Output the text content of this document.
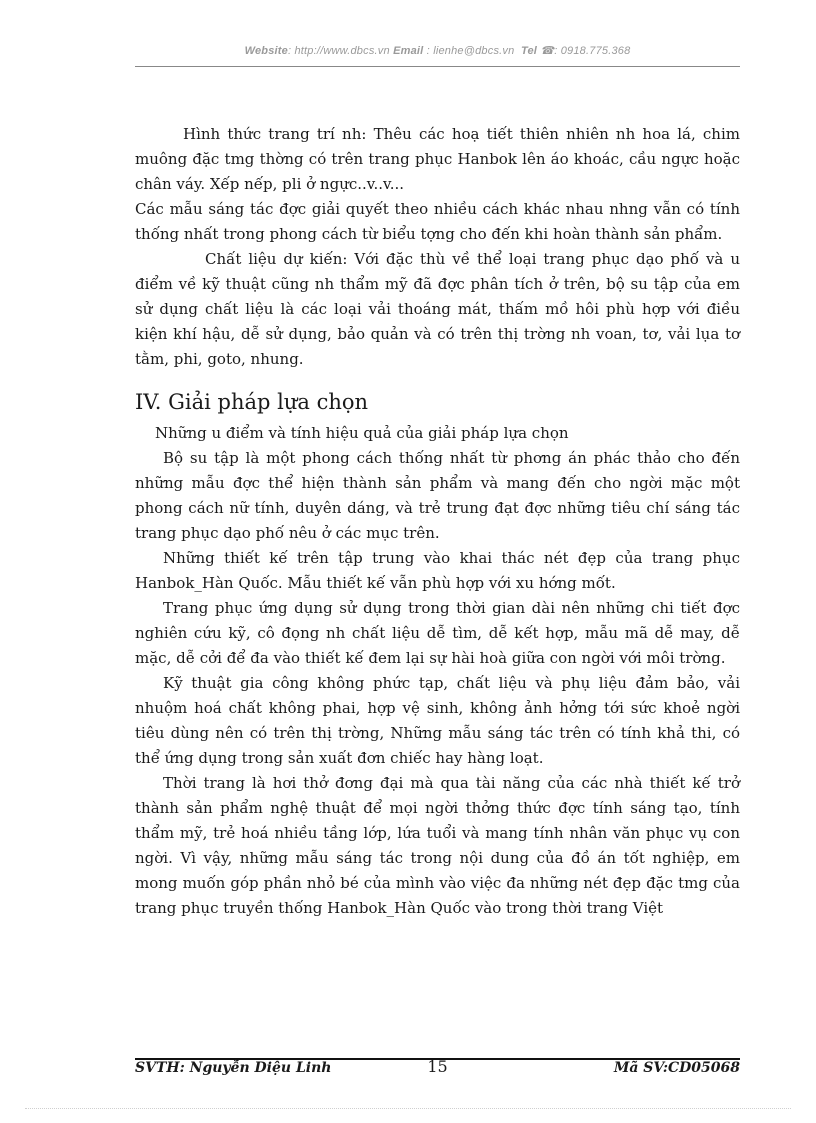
Website: http://www.dbcs.vn Email : lienhe@dbcs.vn Tel ☎: 0918.775.368

Hình thức trang trí nh: Thêu các hoạ tiết thiên nhiên nh hoa lá, chim muông đặc tmg thờng có trên trang phục Hanbok lên áo khoác, cầu ngực hoặc chân váy. Xếp nếp, pli ở ngực..v..v...

Các mẫu sáng tác đợc giải quyết theo nhiều cách khác nhau nhng vẫn có tính thống nhất trong phong cách từ biểu tợng cho đến khi hoàn thành sản phẩm.

Chất liệu dự kiến: Với đặc thù về thể loại trang phục dạo phố và u điểm về kỹ thuật cũng nh thẩm mỹ đã đợc phân tích ở trên, bộ su tập của em sử dụng chất liệu là các loại vải thoáng mát, thấm mồ hôi phù hợp với điều kiện khí hậu, dễ sử dụng, bảo quản và có trên thị trờng nh voan, tơ, vải lụa tơ tằm, phi, goto, nhung.

IV. Giải pháp lựa chọn

Những u điểm và tính hiệu quả của giải pháp lựa chọn

Bộ su tập là một phong cách thống nhất từ phơng án phác thảo cho đến những mẫu đợc thể hiện thành sản phẩm và mang đến cho ngời mặc một phong cách nữ tính, duyên dáng, và trẻ trung đạt đợc những tiêu chí sáng tác trang phục dạo phố nêu ở các mục trên.

Những thiết kế trên tập trung vào khai thác nét đẹp của trang phục Hanbok_Hàn Quốc. Mẫu thiết kế vẫn phù hợp với xu hớng mốt.

Trang phục ứng dụng sử dụng trong thời gian dài nên những chi tiết đợc nghiên cứu kỹ, cô đọng nh chất liệu dễ tìm, dễ kết hợp, mẫu mã dễ may, dễ mặc, dễ cởi để đa vào thiết kế đem lại sự hài hoà giữa con ngời với môi trờng.

Kỹ thuật gia công không phức tạp, chất liệu và phụ liệu đảm bảo, vải nhuộm hoá chất không phai, hợp vệ sinh, không ảnh hởng tới sức khoẻ ngời tiêu dùng nên có trên thị trờng, Những mẫu sáng tác trên có tính khả thi, có thể ứng dụng trong sản xuất đơn chiếc hay hàng loạt.

Thời trang là hơi thở đơng đại mà qua tài năng của các nhà thiết kế trở thành sản phẩm nghệ thuật để mọi ngời thởng thức đợc tính sáng tạo, tính thẩm mỹ, trẻ hoá nhiều tầng lớp, lứa tuổi và mang tính nhân văn phục vụ con ngời. Vì vậy, những mẫu sáng tác trong nội dung của đồ án tốt nghiệp, em mong muốn góp phần nhỏ bé của mình vào việc đa những nét đẹp đặc tmg của trang phục truyền thống Hanbok_Hàn Quốc vào trong thời trang Việt

SVTH: Nguyễn Diệu Linh	15	Mã SV:CD05068
